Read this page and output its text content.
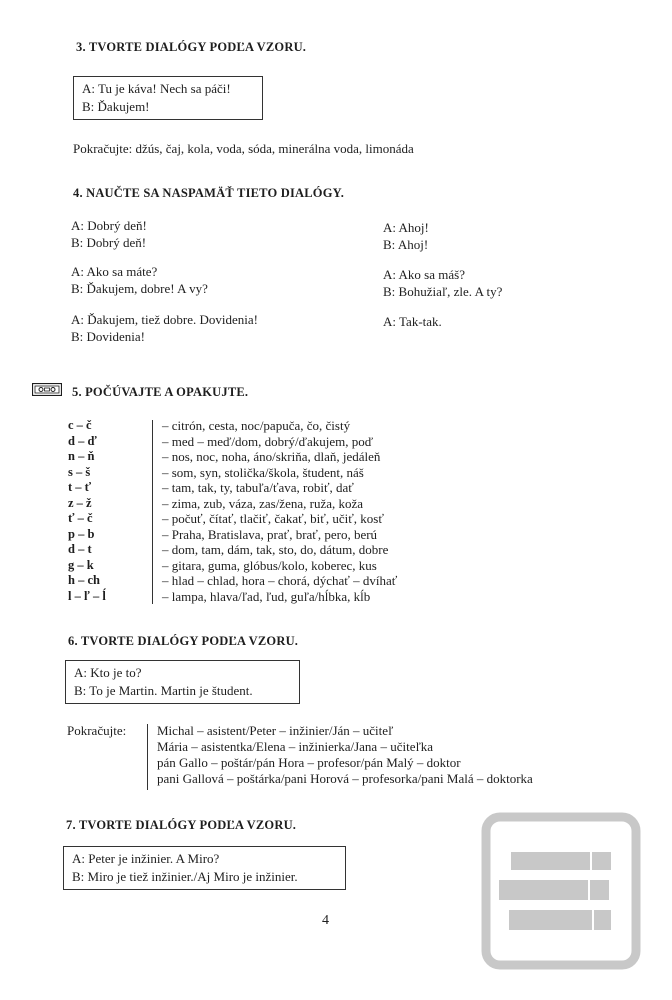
3. TVORTE DIALÓGY PODĽA VZORU.
A: Tu je káva! Nech sa páči!
B: Ďakujem!
Pokračujte: džús, čaj, kola, voda, sóda, minerálna voda, limonáda
4. NAUČTE SA NASPAMÄŤ TIETO DIALÓGY.
A: Dobrý deň!
B: Dobrý deň!
A: Ako sa máte?
B: Ďakujem, dobre! A vy?
A: Ďakujem, tiež dobre. Dovidenia!
B: Dovidenia!
A: Ahoj!
B: Ahoj!
A: Ako sa máš?
B: Bohužiaľ, zle. A ty?
A: Tak-tak.
5. POČÚVAJTE A OPAKUJTE.
c – č	– citrón, cesta, noc/papuča, čo, čistý
d – ď	– med – meď/dom, dobrý/ďakujem, poď
n – ň	– nos, noc, noha, áno/skriňa, dlaň, jedáleň
s – š	– som, syn, stolička/škola, študent, náš
t – ť	– tam, tak, ty, tabuľa/ťava, robiť, dať
z – ž	– zima, zub, váza, zas/žena, ruža, koža
ť – č	– počuť, čítať, tlačiť, čakať, biť, učiť, kosť
p – b	– Praha, Bratislava, prať, brať, pero, berú
d – t	– dom, tam, dám, tak, sto, do, dátum, dobre
g – k	– gitara, guma, glóbus/kolo, koberec, kus
h – ch	– hlad – chlad, hora – chorá, dýchať – dvíhať
l – ľ – ĺ	– lampa, hlava/ľad, ľud, guľa/hĺbka, kĺb
6. TVORTE DIALÓGY PODĽA VZORU.
A: Kto je to?
B: To je Martin. Martin je študent.
Pokračujte: Michal – asistent/Peter – inžinier/Ján – učiteľ
Mária – asistentka/Elena – inžinierka/Jana – učiteľka
pán Gallo – poštár/pán Hora – profesor/pán Malý – doktor
pani Gallová – poštárka/pani Horová – profesorka/pani Malá – doktorka
7. TVORTE DIALÓGY PODĽA VZORU.
A: Peter je inžinier. A Miro?
B: Miro je tiež inžinier./Aj Miro je inžinier.
4
